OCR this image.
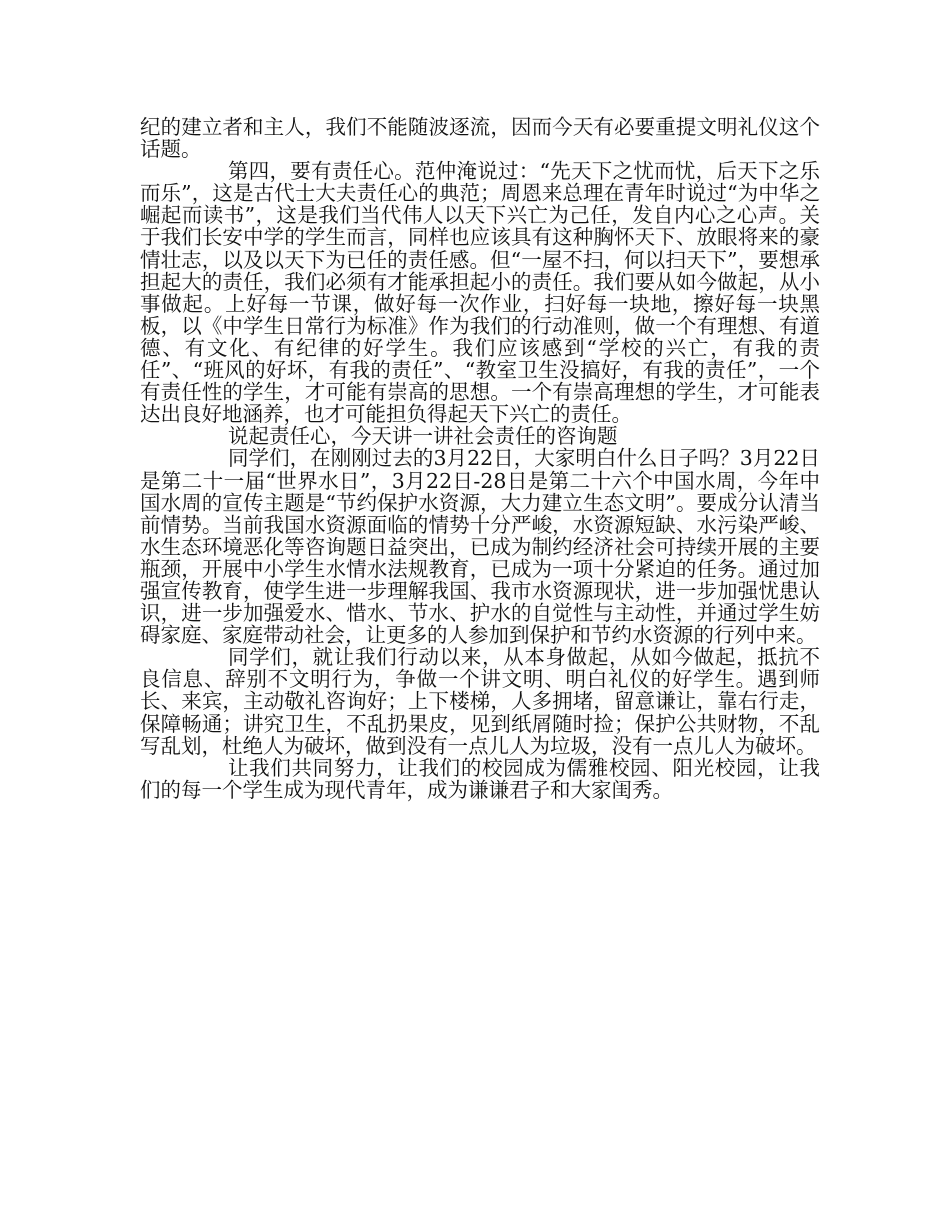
纪的建立者和主人，我们不能随波逐流，因而今天有必要重提文明礼仪这个话题。

第四，要有责任心。范仲淹说过：“先天下之忧而忧，后天下之乐而乐”，这是古代士大夫责任心的典范；周恩来总理在青年时说过“为中华之崛起而读书”，这是我们当代伟人以天下兴亡为己任，发自内心之心声。关于我们长安中学的学生而言，同样也应该具有这种胸怀天下、放眼将来的豪情壮志，以及以天下为已任的责任感。但“一屋不扫，何以扫天下”，要想承担起大的责任，我们必须有才能承担起小的责任。我们要从如今做起，从小事做起。上好每一节课，做好每一次作业，扫好每一块地，擦好每一块黑板，以《中学生日常行为标准》作为我们的行动准则，做一个有理想、有道德、有文化、有纪律的好学生。我们应该感到“学校的兴亡，有我的责任”、“班风的好坏，有我的责任”、“教室卫生没搞好，有我的责任”，一个有责任性的学生，才可能有崇高的思想。一个有崇高理想的学生，才可能表达出良好地涵养，也才可能担负得起天下兴亡的责任。

说起责任心，今天讲一讲社会责任的咨询题

同学们，在刚刚过去的3月22日，大家明白什么日子吗？3月22日是第二十一届“世界水日”，3月22日-28日是第二十六个中国水周，今年中国水周的宣传主题是“节约保护水资源，大力建立生态文明”。要成分认清当前情势。当前我国水资源面临的情势十分严峻，水资源短缺、水污染严峻、水生态环境恶化等咨询题日益突出，已成为制约经济社会可持续开展的主要瓶颈，开展中小学生水情水法规教育，已成为一项十分紧迫的任务。通过加强宣传教育，使学生进一步理解我国、我市水资源现状，进一步加强忧患认识，进一步加强爱水、惜水、节水、护水的自觉性与主动性，并通过学生妨碍家庭、家庭带动社会，让更多的人参加到保护和节约水资源的行列中来。

同学们，就让我们行动以来，从本身做起，从如今做起，抵抗不良信息、辞别不文明行为，争做一个讲文明、明白礼仪的好学生。遇到师长、来宾，主动敬礼咨询好；上下楼梯，人多拥堵，留意谦让，靠右行走，保障畅通；讲究卫生，不乱扔果皮，见到纸屑随时捡；保护公共财物，不乱写乱划，杜绝人为破坏，做到没有一点儿人为垃圾，没有一点儿人为破坏。

让我们共同努力，让我们的校园成为儒雅校园、阳光校园，让我们的每一个学生成为现代青年，成为谦谦君子和大家闺秀。
